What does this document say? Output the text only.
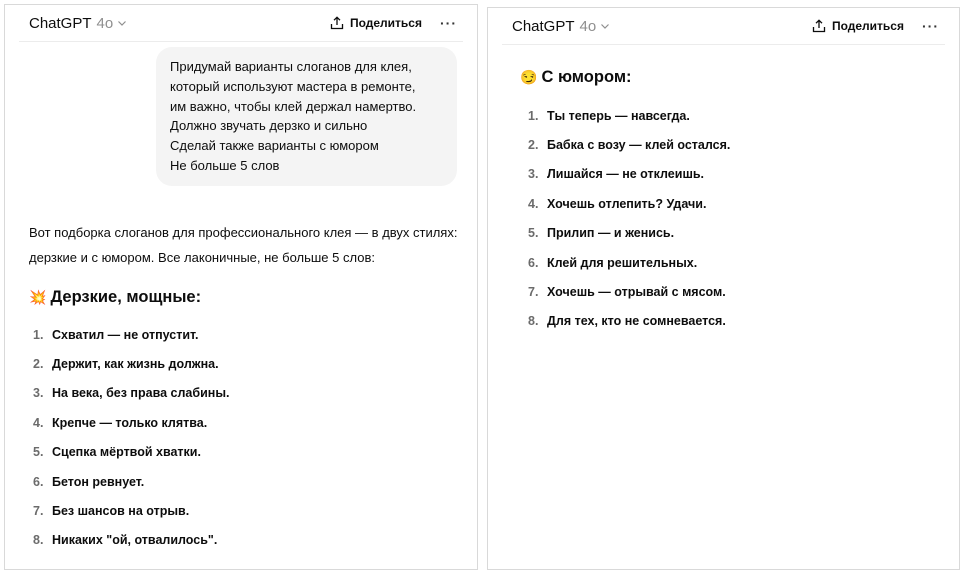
ChatGPT 4o	Поделиться ···
Придумай варианты слоганов для клея,
который используют мастера в ремонте,
им важно, чтобы клей держал намертво.
Должно звучать дерзко и сильно
Сделай также варианты с юмором
Не больше 5 слов
Вот подборка слоганов для профессионального клея — в двух стилях: дерзкие и с юмором. Все лаконичные, не больше 5 слов:
💥 Дерзкие, мощные:
1. Схватил — не отпустит.
2. Держит, как жизнь должна.
3. На века, без права слабины.
4. Крепче — только клятва.
5. Сцепка мёртвой хватки.
6. Бетон ревнует.
7. Без шансов на отрыв.
8. Никаких "ой, отвалилось".
ChatGPT 4o	Поделиться ···
😏 С юмором:
1. Ты теперь — навсегда.
2. Бабка с возу — клей остался.
3. Лишайся — не отклеишь.
4. Хочешь отлепить? Удачи.
5. Прилип — и женись.
6. Клей для решительных.
7. Хочешь — отрывай с мясом.
8. Для тех, кто не сомневается.
